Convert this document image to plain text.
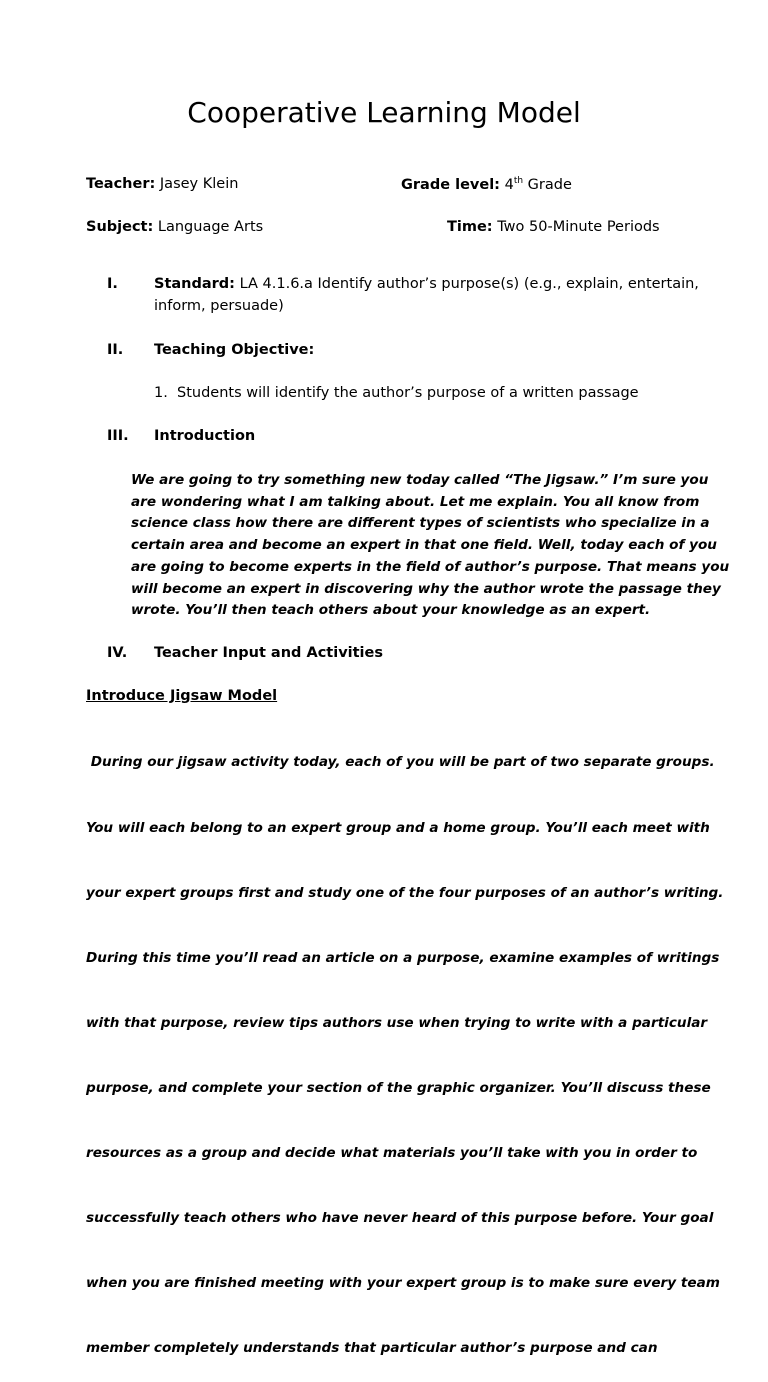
Cooperative Learning Model
Teacher: Jasey Klein	Grade level: 4th Grade
Subject: Language Arts	Time: Two 50-Minute Periods
I. Standard: LA 4.1.6.a Identify author’s purpose(s) (e.g., explain, entertain,
inform, persuade)
II. Teaching Objective:
1. Students will identify the author’s purpose of a written passage
III. Introduction
We are going to try something new today called “The Jigsaw.” I’m sure you
are wondering what I am talking about. Let me explain. You all know from
science class how there are different types of scientists who specialize in a
certain area and become an expert in that one field. Well, today each of you
are going to become experts in the field of author’s purpose. That means you
will become an expert in discovering why the author wrote the passage they
wrote. You’ll then teach others about your knowledge as an expert.
IV. Teacher Input and Activities
Introduce Jigsaw Model

During our jigsaw activity today, each of you will be part of two separate groups.

You will each belong to an expert group and a home group. You’ll each meet with

your expert groups first and study one of the four purposes of an author’s writing.

During this time you’ll read an article on a purpose, examine examples of writings

with that purpose, review tips authors use when trying to write with a particular

purpose, and complete your section of the graphic organizer. You’ll discuss these

resources as a group and decide what materials you’ll take with you in order to

successfully teach others who have never heard of this purpose before. Your goal

when you are finished meeting with your expert group is to make sure every team

member completely understands that particular author’s purpose and can
